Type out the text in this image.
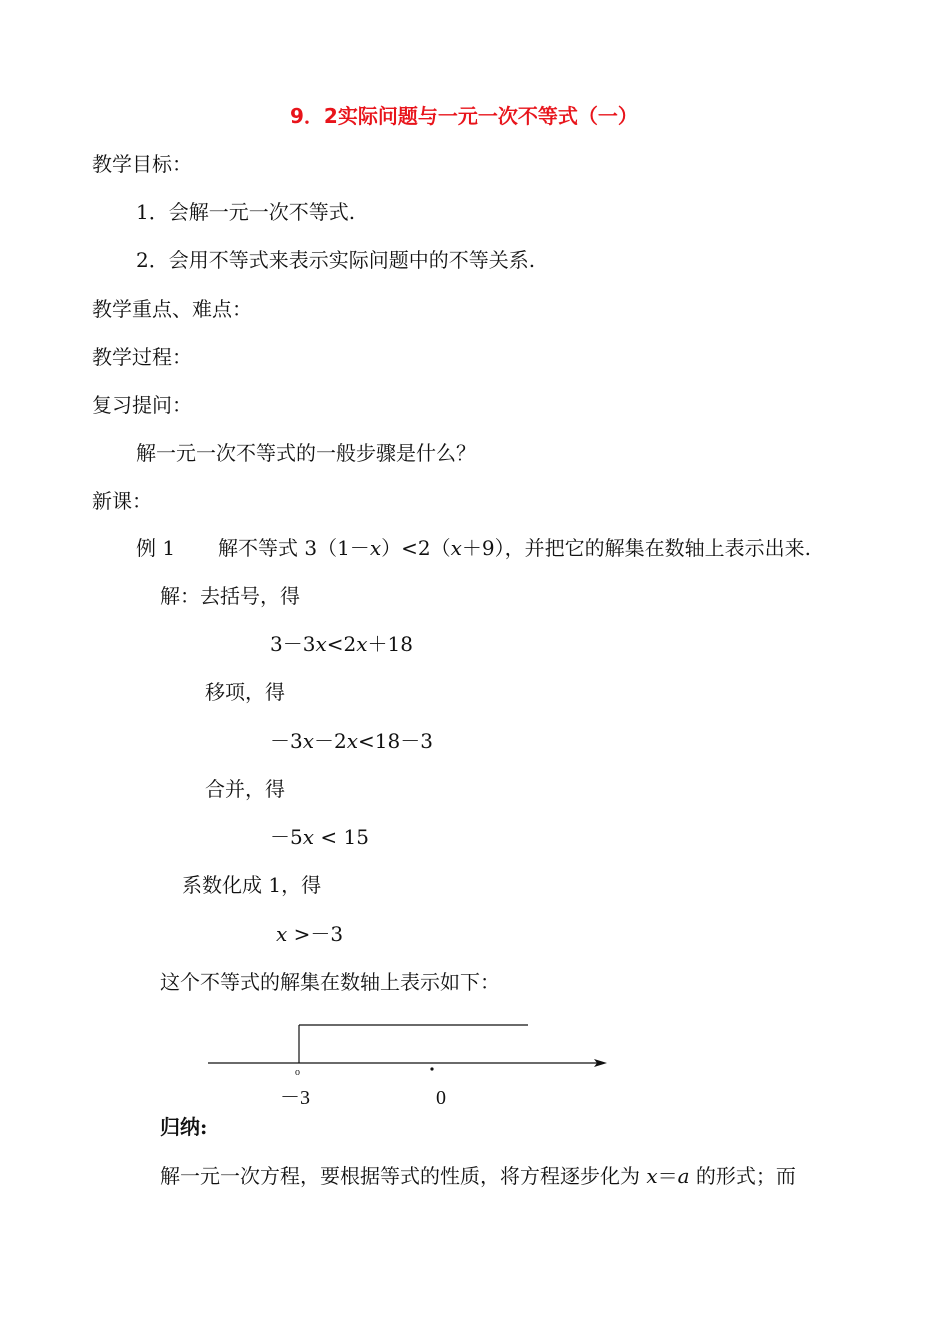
9．2实际问题与一元一次不等式（一）
教学目标：
1．会解一元一次不等式.
2．会用不等式来表示实际问题中的不等关系.
教学重点、难点：
教学过程：
复习提问：
解一元一次不等式的一般步骤是什么？
新课：
例 1 解不等式 3（1－x）<2（x＋9），并把它的解集在数轴上表示出来.
解：去括号，得
3－3x<2x＋18
移项，得
－3x－2x<18－3
合并，得
－5x < 15
系数化成 1，得
x >－3
这个不等式的解集在数轴上表示如下：
o
－3	0
归纳:
解一元一次方程，要根据等式的性质，将方程逐步化为 x＝a 的形式；而
